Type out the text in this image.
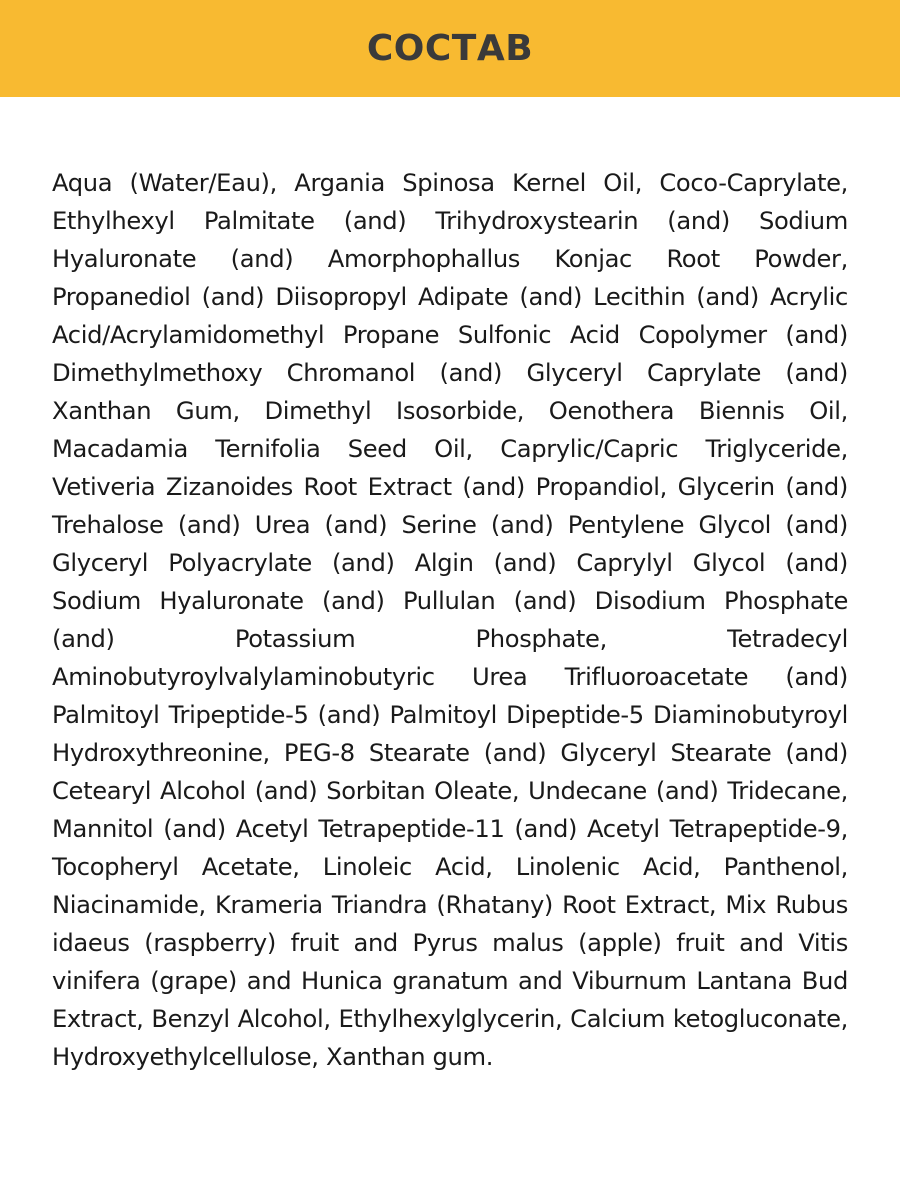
СОСТАВ

Aqua (Water/Eau), Argania Spinosa Kernel Oil, Coco-Caprylate, Ethylhexyl Palmitate (and) Trihydroxystearin (and) Sodium Hyaluronate (and) Amorphophallus Konjac Root Powder, Propanediol (and) Diisopropyl Adipate (and) Lecithin (and) Acrylic Acid/Acrylamidomethyl Propane Sulfonic Acid Copolymer (and) Dimethylmethoxy Chromanol (and) Glyceryl Caprylate (and) Xanthan Gum, Dimethyl Isosorbide, Oenothera Biennis Oil, Macadamia Ternifolia Seed Oil, Caprylic/Capric Triglyceride, Vetiveria Zizanoides Root Extract (and) Propandiol, Glycerin (and) Trehalose (and) Urea (and) Serine (and) Pentylene Glycol (and) Glyceryl Polyacrylate (and) Algin (and) Caprylyl Glycol (and) Sodium Hyaluronate (and) Pullulan (and) Disodium Phosphate (and) Potassium Phosphate, Tetradecyl Aminobutyroylvalylaminobutyric Urea Trifluoroacetate (and) Palmitoyl Tripeptide-5 (and) Palmitoyl Dipeptide-5 Diaminobutyroyl Hydroxythreonine, PEG-8 Stearate (and) Glyceryl Stearate (and) Cetearyl Alcohol (and) Sorbitan Oleate, Undecane (and) Tridecane, Mannitol (and) Acetyl Tetrapeptide-11 (and) Acetyl Tetrapeptide-9, Tocopheryl Acetate, Linoleic Acid, Linolenic Acid, Panthenol, Niacinamide, Krameria Triandra (Rhatany) Root Extract, Mix Rubus idaeus (raspberry) fruit and Pyrus malus (apple) fruit and Vitis vinifera (grape) and Hunica granatum and Viburnum Lantana Bud Extract, Benzyl Alcohol, Ethylhexylglycerin, Calcium ketogluconate, Hydroxyethylcellulose, Xanthan gum.
